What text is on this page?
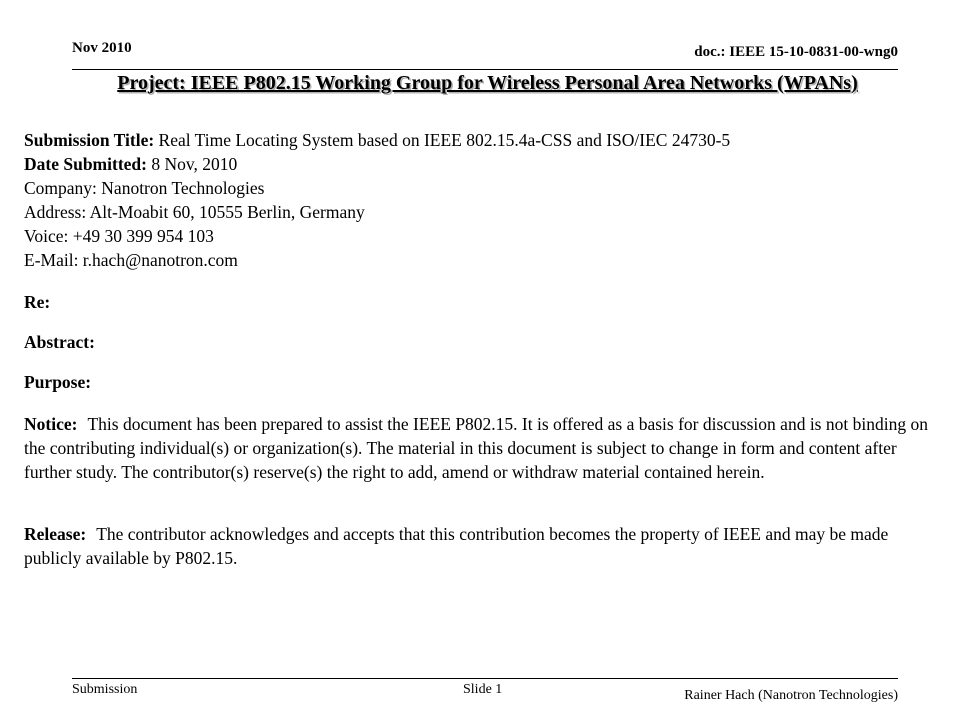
Nov 2010	doc.: IEEE 15-10-0831-00-wng0
Project: IEEE P802.15 Working Group for Wireless Personal Area Networks (WPANs)
Submission Title: Real Time Locating System based on IEEE 802.15.4a-CSS and ISO/IEC 24730-5
Date Submitted: 8 Nov, 2010
Company: Nanotron Technologies
Address: Alt-Moabit 60, 10555 Berlin, Germany
Voice: +49 30 399 954 103
E-Mail: r.hach@nanotron.com
Re:
Abstract:
Purpose:
Notice: This document has been prepared to assist the IEEE P802.15. It is offered as a basis for discussion and is not binding on the contributing individual(s) or organization(s). The material in this document is subject to change in form and content after further study. The contributor(s) reserve(s) the right to add, amend or withdraw material contained herein.
Release: The contributor acknowledges and accepts that this contribution becomes the property of IEEE and may be made publicly available by P802.15.
Submission	Slide 1	Rainer Hach (Nanotron Technologies)
